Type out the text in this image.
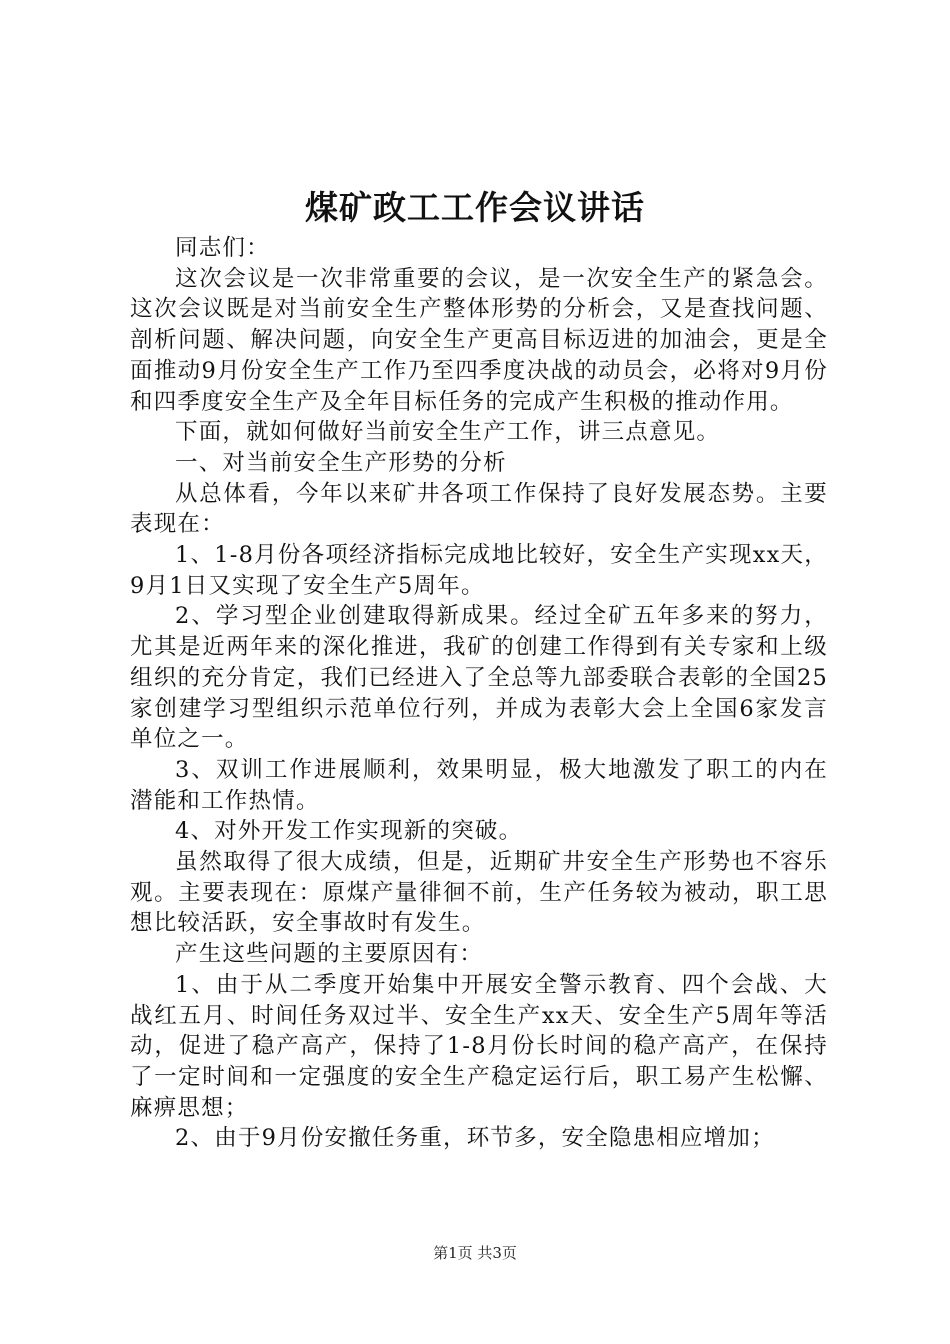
煤矿政工工作会议讲话

同志们：

这次会议是一次非常重要的会议，是一次安全生产的紧急会。这次会议既是对当前安全生产整体形势的分析会，又是查找问题、剖析问题、解决问题，向安全生产更高目标迈进的加油会，更是全面推动9月份安全生产工作乃至四季度决战的动员会，必将对9月份和四季度安全生产及全年目标任务的完成产生积极的推动作用。

下面，就如何做好当前安全生产工作，讲三点意见。

一、对当前安全生产形势的分析

从总体看，今年以来矿井各项工作保持了良好发展态势。主要表现在：

1、1-8月份各项经济指标完成地比较好，安全生产实现xx天，9月1日又实现了安全生产5周年。

2、学习型企业创建取得新成果。经过全矿五年多来的努力，尤其是近两年来的深化推进，我矿的创建工作得到有关专家和上级组织的充分肯定，我们已经进入了全总等九部委联合表彰的全国25家创建学习型组织示范单位行列，并成为表彰大会上全国6家发言单位之一。

3、双训工作进展顺利，效果明显，极大地激发了职工的内在潜能和工作热情。

4、对外开发工作实现新的突破。

虽然取得了很大成绩，但是，近期矿井安全生产形势也不容乐观。主要表现在：原煤产量徘徊不前，生产任务较为被动，职工思想比较活跃，安全事故时有发生。

产生这些问题的主要原因有：

1、由于从二季度开始集中开展安全警示教育、四个会战、大战红五月、时间任务双过半、安全生产xx天、安全生产5周年等活动，促进了稳产高产，保持了1-8月份长时间的稳产高产，在保持了一定时间和一定强度的安全生产稳定运行后，职工易产生松懈、麻痹思想；

2、由于9月份安撤任务重，环节多，安全隐患相应增加；

第1页 共3页
